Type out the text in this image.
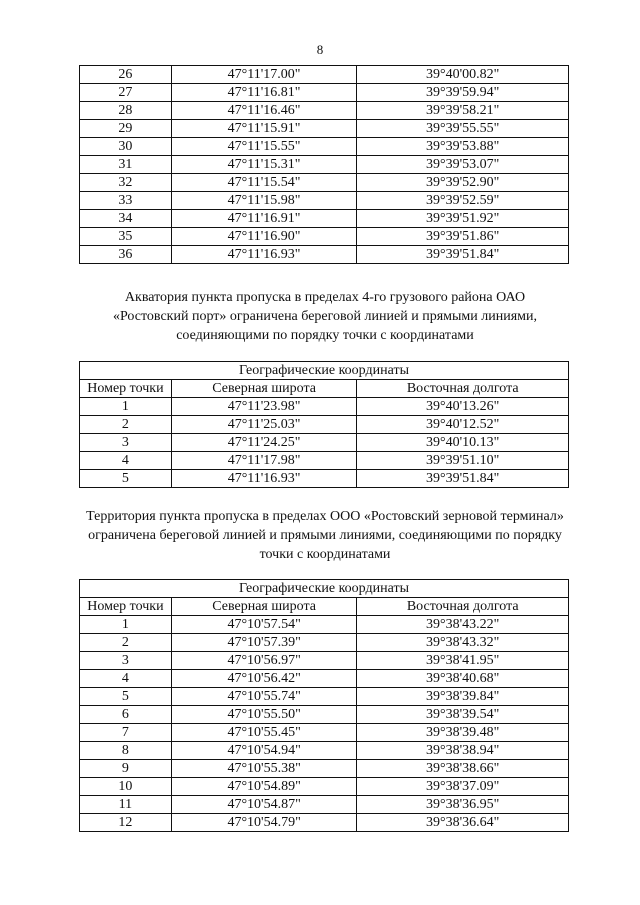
8
26	47°11'17.00"	39°40'00.82"
27	47°11'16.81"	39°39'59.94"
28	47°11'16.46"	39°39'58.21"
29	47°11'15.91"	39°39'55.55"
30	47°11'15.55"	39°39'53.88"
31	47°11'15.31"	39°39'53.07"
32	47°11'15.54"	39°39'52.90"
33	47°11'15.98"	39°39'52.59"
34	47°11'16.91"	39°39'51.92"
35	47°11'16.90"	39°39'51.86"
36	47°11'16.93"	39°39'51.84"
Акватория пункта пропуска в пределах 4-го грузового района ОАО
«Ростовский порт» ограничена береговой линией и прямыми линиями,
соединяющими по порядку точки с координатами
Географические координаты		
Номер точки	Северная широта	Восточная долгота
1	47°11'23.98"	39°40'13.26"
2	47°11'25.03"	39°40'12.52"
3	47°11'24.25"	39°40'10.13"
4	47°11'17.98"	39°39'51.10"
5	47°11'16.93"	39°39'51.84"
Территория пункта пропуска в пределах ООО «Ростовский зерновой терминал»
ограничена береговой линией и прямыми линиями, соединяющими по порядку
точки с координатами
Географические координаты		
Номер точки	Северная широта	Восточная долгота
1	47°10'57.54"	39°38'43.22"
2	47°10'57.39"	39°38'43.32"
3	47°10'56.97"	39°38'41.95"
4	47°10'56.42"	39°38'40.68"
5	47°10'55.74"	39°38'39.84"
6	47°10'55.50"	39°38'39.54"
7	47°10'55.45"	39°38'39.48"
8	47°10'54.94"	39°38'38.94"
9	47°10'55.38"	39°38'38.66"
10	47°10'54.89"	39°38'37.09"
11	47°10'54.87"	39°38'36.95"
12	47°10'54.79"	39°38'36.64"
